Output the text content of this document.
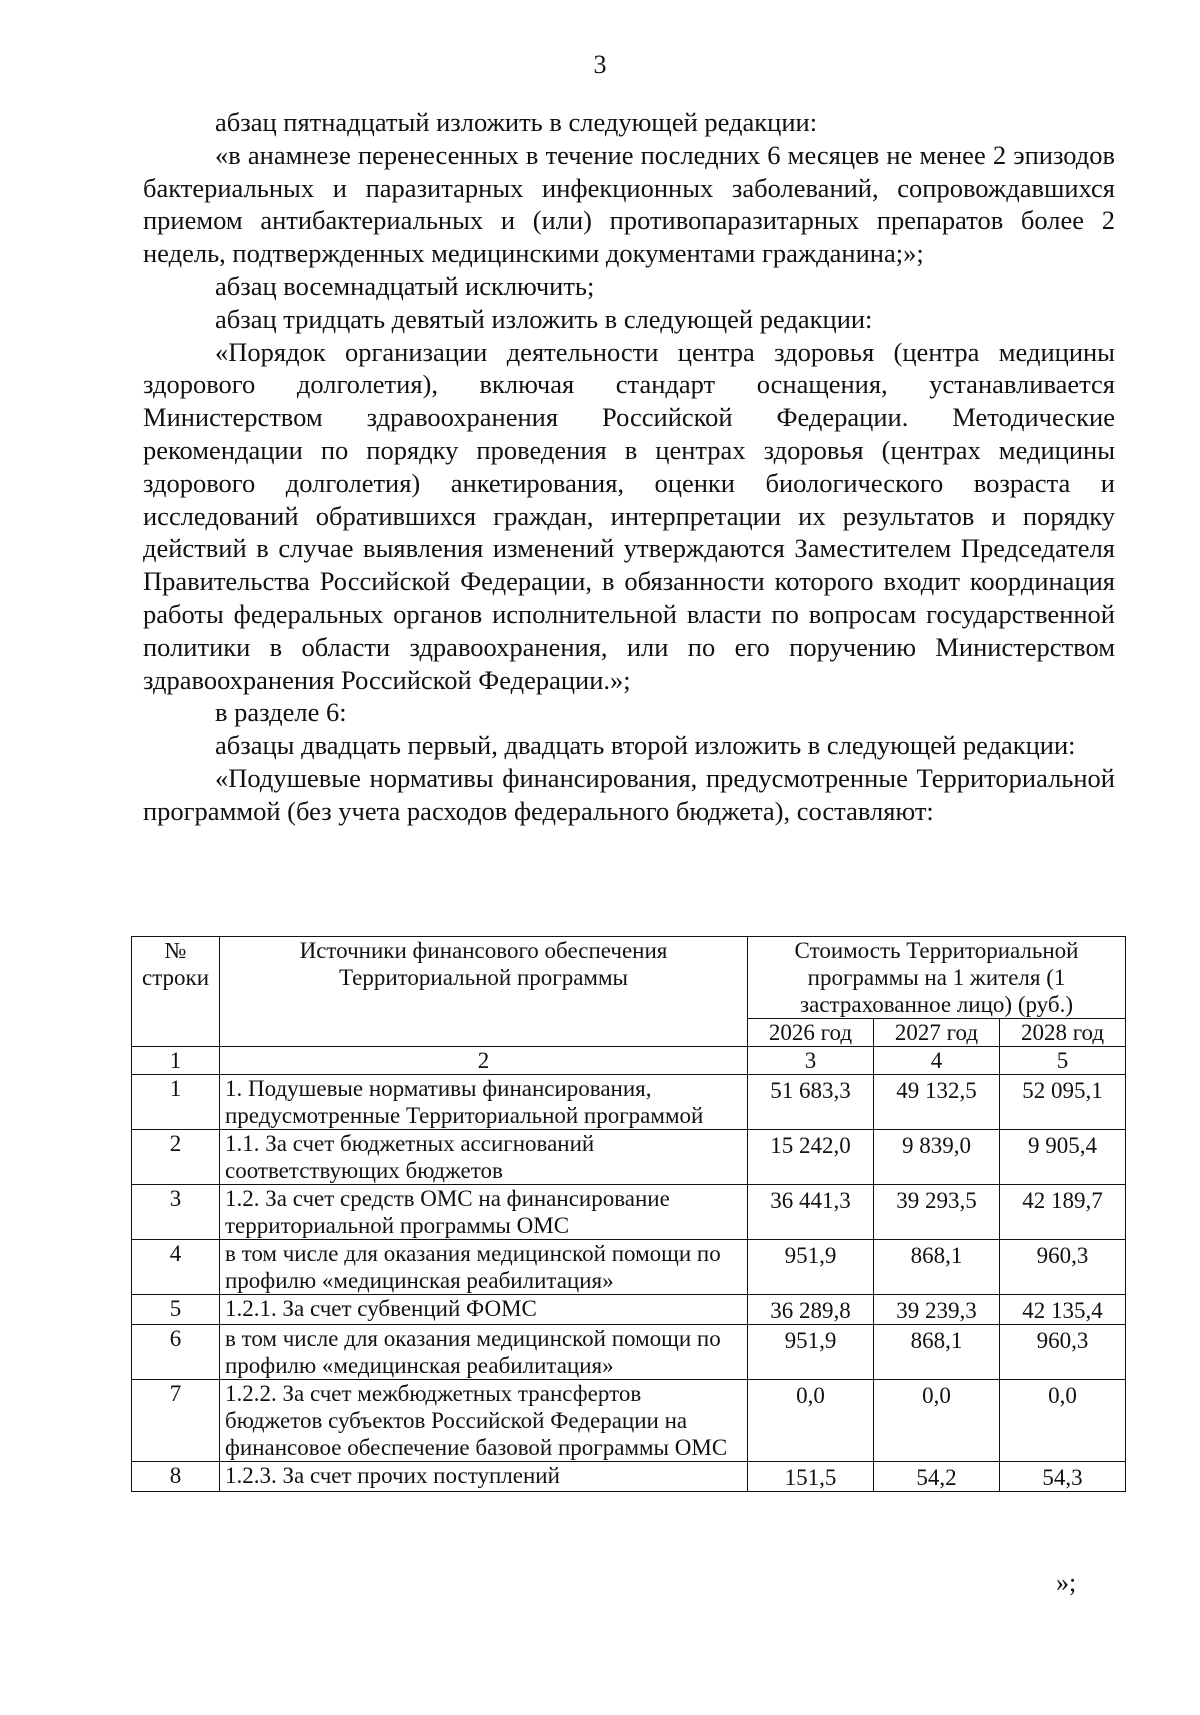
3

абзац пятнадцатый изложить в следующей редакции:

«в анамнезе перенесенных в течение последних 6 месяцев не менее 2 эпизодов бактериальных и паразитарных инфекционных заболеваний, сопровождавшихся приемом антибактериальных и (или) противопаразитарных препаратов более 2 недель, подтвержденных медицинскими документами гражданина;»;

абзац восемнадцатый исключить;

абзац тридцать девятый изложить в следующей редакции:

«Порядок организации деятельности центра здоровья (центра медицины здорового долголетия), включая стандарт оснащения, устанавливается Министерством здравоохранения Российской Федерации. Методические рекомендации по порядку проведения в центрах здоровья (центрах медицины здорового долголетия) анкетирования, оценки биологического возраста и исследований обратившихся граждан, интерпретации их результатов и порядку действий в случае выявления изменений утверждаются Заместителем Председателя Правительства Российской Федерации, в обязанности которого входит координация работы федеральных органов исполнительной власти по вопросам государственной политики в области здравоохранения, или по его поручению Министерством здравоохранения Российской Федерации.»;

в разделе 6:

абзацы двадцать первый, двадцать второй изложить в следующей редакции:

«Подушевые нормативы финансирования, предусмотренные Территориальной программой (без учета расходов федерального бюджета), составляют:

№ строки	Источники финансового обеспечения Территориальной программы	Стоимость Территориальной программы на 1 жителя (1 застрахованное лицо) (руб.)		
		2026 год	2027 год	2028 год
1	2	3	4	5
1	1. Подушевые нормативы финансирования, предусмотренные Территориальной программой	51 683,3	49 132,5	52 095,1
2	1.1. За счет бюджетных ассигнований соответствующих бюджетов	15 242,0	9 839,0	9 905,4
3	1.2. За счет средств ОМС на финансирование территориальной программы ОМС	36 441,3	39 293,5	42 189,7
4	в том числе для оказания медицинской помощи по профилю «медицинская реабилитация»	951,9	868,1	960,3
5	1.2.1. За счет субвенций ФОМС	36 289,8	39 239,3	42 135,4
6	в том числе для оказания медицинской помощи по профилю «медицинская реабилитация»	951,9	868,1	960,3
7	1.2.2. За счет межбюджетных трансфертов бюджетов субъектов Российской Федерации на финансовое обеспечение базовой программы ОМС	0,0	0,0	0,0
8	1.2.3. За счет прочих поступлений	151,5	54,2	54,3
»;
